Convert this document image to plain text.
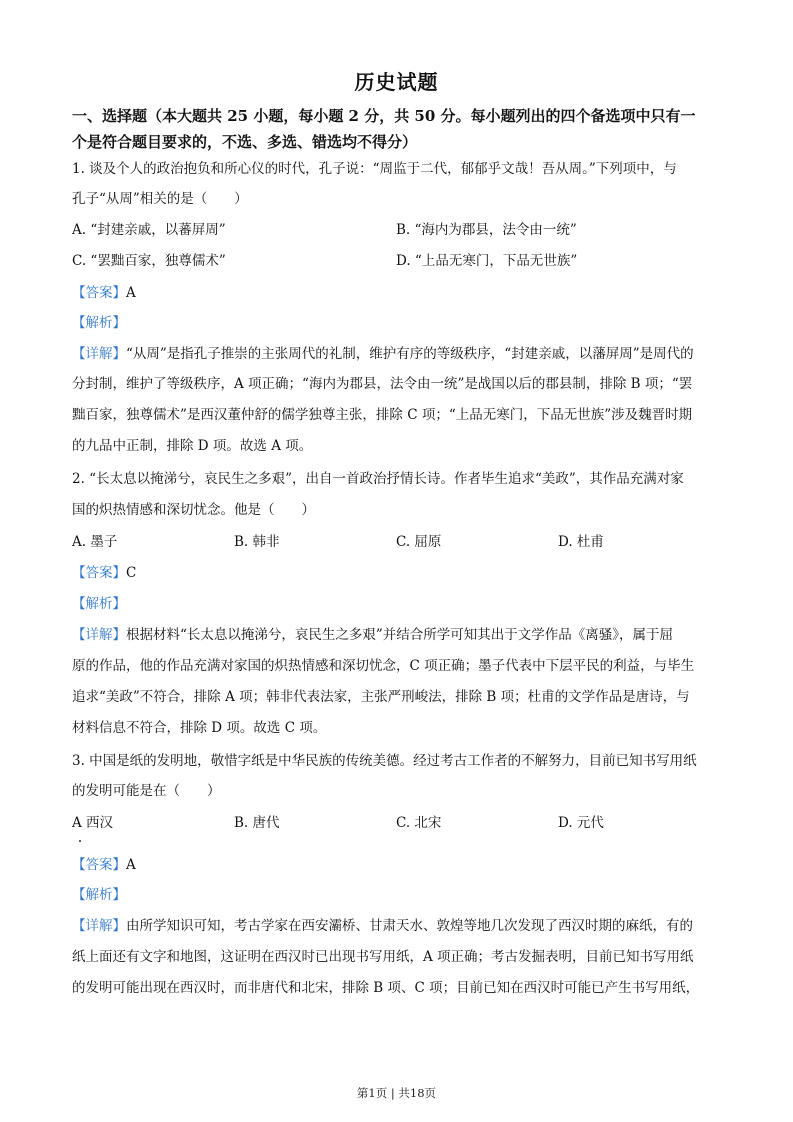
历史试题
一、选择题（本大题共 25 小题，每小题 2 分，共 50 分。每小题列出的四个备选项中只有一
个是符合题目要求的，不选、多选、错选均不得分）
1. 谈及个人的政治抱负和所心仪的时代，孔子说：“周监于二代，郁郁乎文哉！吾从周。”下列项中，与
孔子“从周”相关的是（　　）
A. “封建亲戚，以蕃屏周”	B. “海内为郡县，法令由一统”
C. “罢黜百家，独尊儒术”	D. “上品无寒门，下品无世族”
【答案】A
【解析】
【详解】“从周”是指孔子推崇的主张周代的礼制，维护有序的等级秩序，“封建亲戚，以藩屏周”是周代的
分封制，维护了等级秩序，A 项正确；“海内为郡县，法令由一统”是战国以后的郡县制，排除 B 项；“罢
黜百家，独尊儒术”是西汉董仲舒的儒学独尊主张，排除 C 项；“上品无寒门，下品无世族”涉及魏晋时期
的九品中正制，排除 D 项。故选 A 项。
2. “长太息以掩涕兮，哀民生之多艰”，出自一首政治抒情长诗。作者毕生追求“美政”，其作品充满对家
国的炽热情感和深切忧念。他是（　　）
A. 墨子	B. 韩非	C. 屈原	D. 杜甫
【答案】C
【解析】
【详解】根据材料“长太息以掩涕兮，哀民生之多艰”并结合所学可知其出于文学作品《离骚》，属于屈
原的作品，他的作品充满对家国的炽热情感和深切忧念，C 项正确；墨子代表中下层平民的利益，与毕生
追求“美政”不符合，排除 A 项；韩非代表法家，主张严刑峻法，排除 B 项；杜甫的文学作品是唐诗，与
材料信息不符合，排除 D 项。故选 C 项。
3. 中国是纸的发明地，敬惜字纸是中华民族的传统美德。经过考古工作者的不解努力，目前已知书写用纸
的发明可能是在（　　）
A 西汉	B. 唐代	C. 北宋	D. 元代
【答案】A
【解析】
【详解】由所学知识可知，考古学家在西安灞桥、甘肃天水、敦煌等地几次发现了西汉时期的麻纸，有的
纸上面还有文字和地图，这证明在西汉时已出现书写用纸，A 项正确；考古发掘表明，目前已知书写用纸
的发明可能出现在西汉时，而非唐代和北宋，排除 B 项、C 项；目前已知在西汉时可能已产生书写用纸，
第1页 | 共18页
